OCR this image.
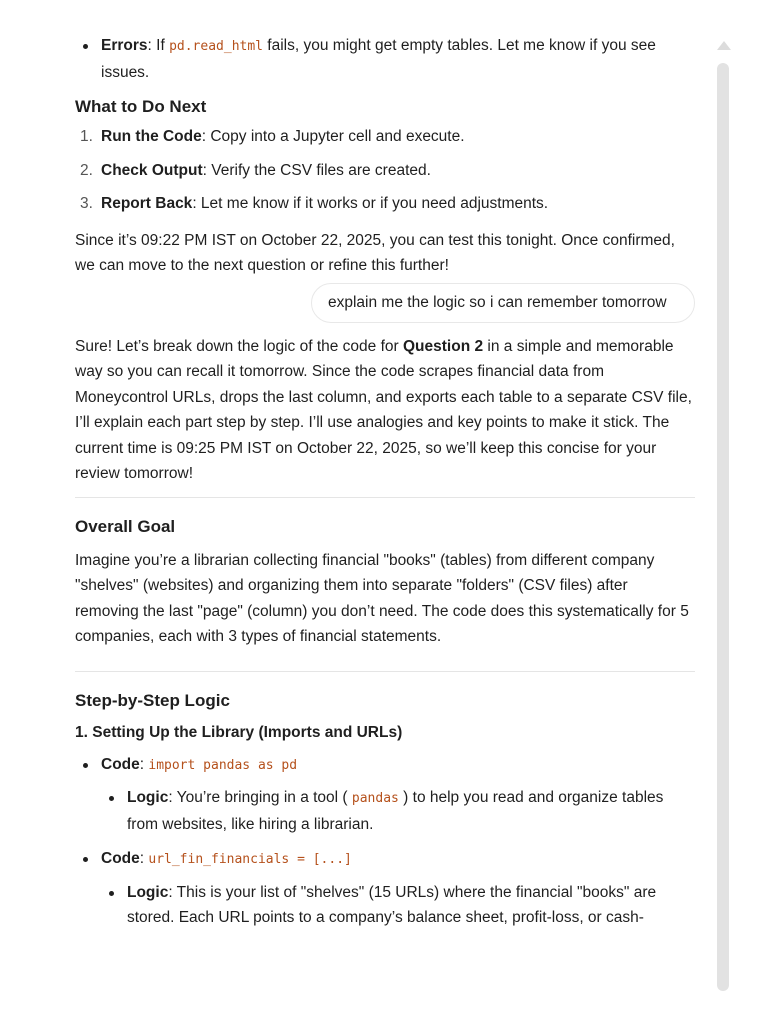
Errors: If pd.read_html fails, you might get empty tables. Let me know if you see issues.
What to Do Next
1. Run the Code: Copy into a Jupyter cell and execute.
2. Check Output: Verify the CSV files are created.
3. Report Back: Let me know if it works or if you need adjustments.

Since it’s 09:22 PM IST on October 22, 2025, you can test this tonight. Once confirmed, we can move to the next question or refine this further!

explain me the logic so i can remember tomorrow

Sure! Let’s break down the logic of the code for Question 2 in a simple and memorable way so you can recall it tomorrow. Since the code scrapes financial data from Moneycontrol URLs, drops the last column, and exports each table to a separate CSV file, I’ll explain each part step by step. I’ll use analogies and key points to make it stick. The current time is 09:25 PM IST on October 22, 2025, so we’ll keep this concise for your review tomorrow!

Overall Goal

Imagine you’re a librarian collecting financial "books" (tables) from different company "shelves" (websites) and organizing them into separate "folders" (CSV files) after removing the last "page" (column) you don’t need. The code does this systematically for 5 companies, each with 3 types of financial statements.

Step-by-Step Logic
1. Setting Up the Library (Imports and URLs)
Code: import pandas as pd
Logic: You’re bringing in a tool ( pandas ) to help you read and organize tables from websites, like hiring a librarian.
Code: url_fin_financials = [...]
Logic: This is your list of "shelves" (15 URLs) where the financial "books" are stored. Each URL points to a company’s balance sheet, profit-loss, or cash-
